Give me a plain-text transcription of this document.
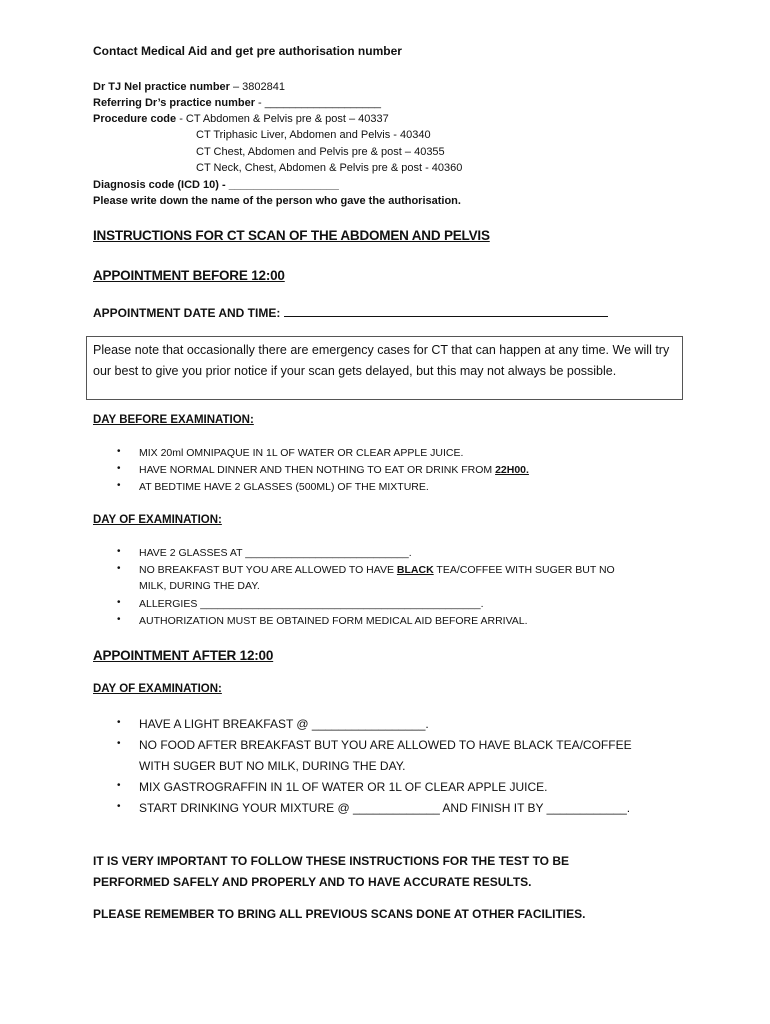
Contact Medical Aid and get pre authorisation number
Dr TJ Nel practice number – 3802841
Referring Dr’s practice number - ___________________
Procedure code - CT Abdomen & Pelvis pre & post – 40337
CT Triphasic Liver, Abdomen and Pelvis - 40340
CT Chest, Abdomen and Pelvis pre & post – 40355
CT Neck, Chest, Abdomen & Pelvis pre & post - 40360
Diagnosis code (ICD 10) - __________________
Please write down the name of the person who gave the authorisation.
INSTRUCTIONS FOR CT SCAN OF THE ABDOMEN AND PELVIS
APPOINTMENT BEFORE 12:00
APPOINTMENT DATE AND TIME:
Please note that occasionally there are emergency cases for CT that can happen at any time. We will try our best to give you prior notice if your scan gets delayed, but this may not always be possible.
DAY BEFORE EXAMINATION:
• MIX 20ml OMNIPAQUE IN 1L OF WATER OR CLEAR APPLE JUICE.
• HAVE NORMAL DINNER AND THEN NOTHING TO EAT OR DRINK FROM 22H00.
• AT BEDTIME HAVE 2 GLASSES (500ML) OF THE MIXTURE.
DAY OF EXAMINATION:
• HAVE 2 GLASSES AT ____________________________.
• NO BREAKFAST BUT YOU ARE ALLOWED TO HAVE BLACK TEA/COFFEE WITH SUGER BUT NO
MILK, DURING THE DAY.
• ALLERGIES ________________________________________________.
• AUTHORIZATION MUST BE OBTAINED FORM MEDICAL AID BEFORE ARRIVAL.
APPOINTMENT AFTER 12:00
DAY OF EXAMINATION:
• HAVE A LIGHT BREAKFAST @ _________________.
• NO FOOD AFTER BREAKFAST BUT YOU ARE ALLOWED TO HAVE BLACK TEA/COFFEE
WITH SUGER BUT NO MILK, DURING THE DAY.
• MIX GASTROGRAFFIN IN 1L OF WATER OR 1L OF CLEAR APPLE JUICE.
• START DRINKING YOUR MIXTURE @ _____________ AND FINISH IT BY ____________.
IT IS VERY IMPORTANT TO FOLLOW THESE INSTRUCTIONS FOR THE TEST TO BE
PERFORMED SAFELY AND PROPERLY AND TO HAVE ACCURATE RESULTS.
PLEASE REMEMBER TO BRING ALL PREVIOUS SCANS DONE AT OTHER FACILITIES.
